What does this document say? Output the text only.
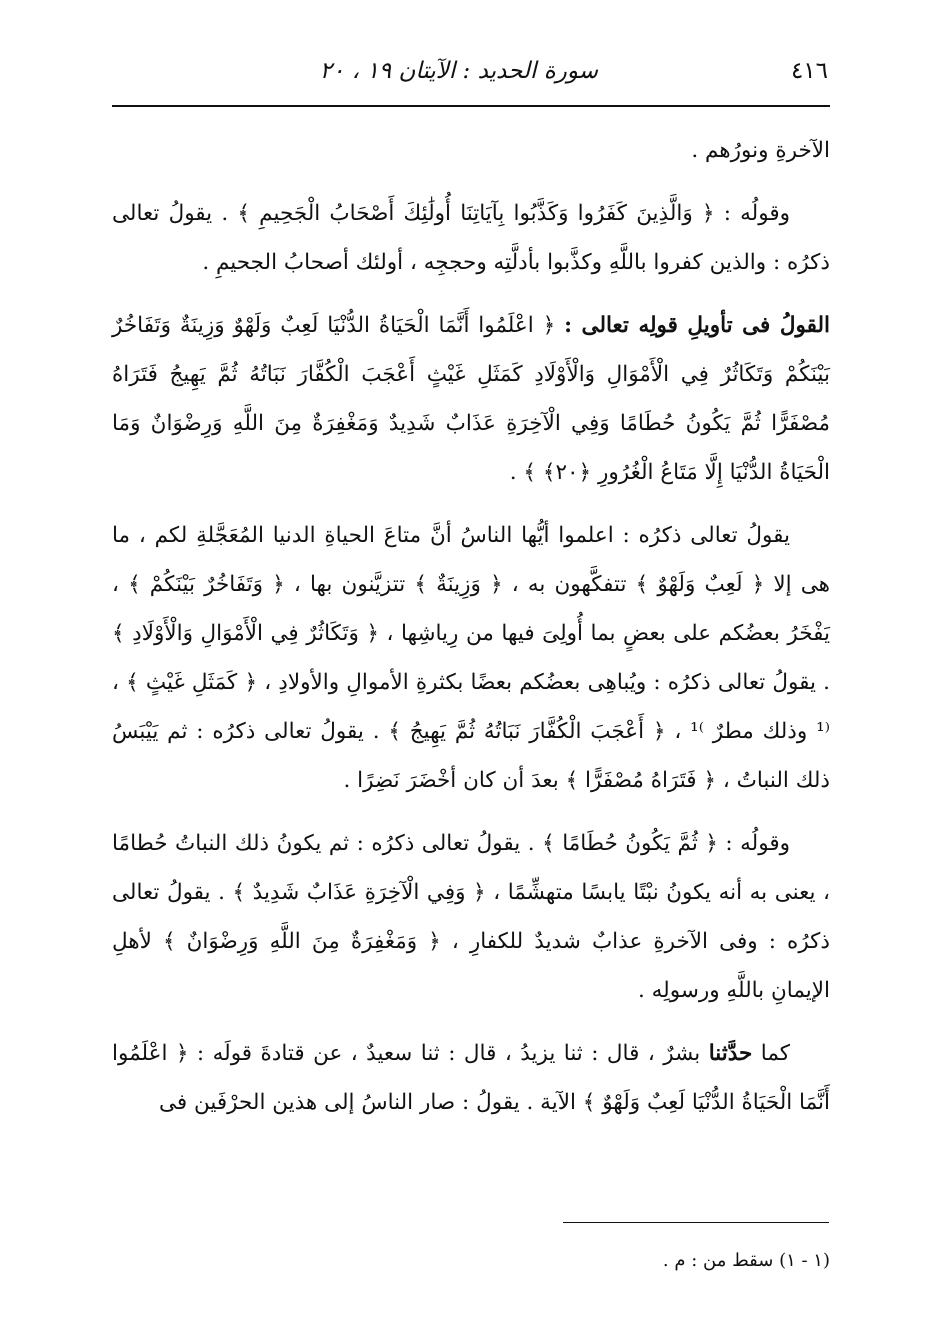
٤١٦
سورة الحديد : الآيتان ١٩ ، ٢٠

الآخرةِ ونورُهم .

وقولُه : ﴿ وَالَّذِينَ كَفَرُوا وَكَذَّبُوا بِآيَاتِنَا أُولَٰئِكَ أَصْحَابُ الْجَحِيمِ ﴾ . يقولُ تعالى ذكرُه : والذين كفروا باللَّهِ وكذَّبوا بأدلَّتِه وحججِه ، أولئك أصحابُ الجحيمِ .

القولُ فى تأويلِ قولِه تعالى : ﴿ اعْلَمُوا أَنَّمَا الْحَيَاةُ الدُّنْيَا لَعِبٌ وَلَهْوٌ وَزِينَةٌ وَتَفَاخُرٌ بَيْنَكُمْ وَتَكَاثُرٌ فِي الْأَمْوَالِ وَالْأَوْلَادِ كَمَثَلِ غَيْثٍ أَعْجَبَ الْكُفَّارَ نَبَاتُهُ ثُمَّ يَهِيجُ فَتَرَاهُ مُصْفَرًّا ثُمَّ يَكُونُ حُطَامًا وَفِي الْآخِرَةِ عَذَابٌ شَدِيدٌ وَمَغْفِرَةٌ مِنَ اللَّهِ وَرِضْوَانٌ وَمَا الْحَيَاةُ الدُّنْيَا إِلَّا مَتَاعُ الْغُرُورِ ﴿٢٠﴾ ﴾ .

يقولُ تعالى ذكرُه : اعلموا أيُّها الناسُ أنَّ متاعَ الحياةِ الدنيا المُعَجَّلةِ لكم ، ما هى إلا ﴿ لَعِبٌ وَلَهْوٌ ﴾ تتفكَّهون به ، ﴿ وَزِينَةٌ ﴾ تتزيَّنون بها ، ﴿ وَتَفَاخُرٌ بَيْنَكُمْ ﴾ ، يَفْخَرُ بعضُكم على بعضٍ بما أُولِىَ فيها من رِياشِها ، ﴿ وَتَكَاثُرٌ فِي الْأَمْوَالِ وَالْأَوْلَادِ ﴾ . يقولُ تعالى ذكرُه : ويُباهِى بعضُكم بعضًا بكثرةِ الأموالِ والأولادِ ، ﴿ كَمَثَلِ غَيْثٍ ﴾ ، ⁽¹ وذلك مطرٌ ⁾¹ ، ﴿ أَعْجَبَ الْكُفَّارَ نَبَاتُهُ ثُمَّ يَهِيجُ ﴾ . يقولُ تعالى ذكرُه : ثم يَيْبَسُ ذلك النباتُ ، ﴿ فَتَرَاهُ مُصْفَرًّا ﴾ بعدَ أن كان أخْضَرَ نَضِرًا .

وقولُه : ﴿ ثُمَّ يَكُونُ حُطَامًا ﴾ . يقولُ تعالى ذكرُه : ثم يكونُ ذلك النباتُ حُطامًا ، يعنى به أنه يكونُ نبْتًا يابسًا متهشِّمًا ، ﴿ وَفِي الْآخِرَةِ عَذَابٌ شَدِيدٌ ﴾ . يقولُ تعالى ذكرُه : وفى الآخرةِ عذابٌ شديدٌ للكفارِ ، ﴿ وَمَغْفِرَةٌ مِنَ اللَّهِ وَرِضْوَانٌ ﴾ لأهلِ الإيمانِ باللَّهِ ورسولِه .

كما حدَّثنا بشرٌ ، قال : ثنا يزيدُ ، قال : ثنا سعيدٌ ، عن قتادةَ قولَه : ﴿ اعْلَمُوا أَنَّمَا الْحَيَاةُ الدُّنْيَا لَعِبٌ وَلَهْوٌ ﴾ الآية . يقولُ : صار الناسُ إلى هذين الحرْفَين فى

(١ - ١) سقط من : م .
